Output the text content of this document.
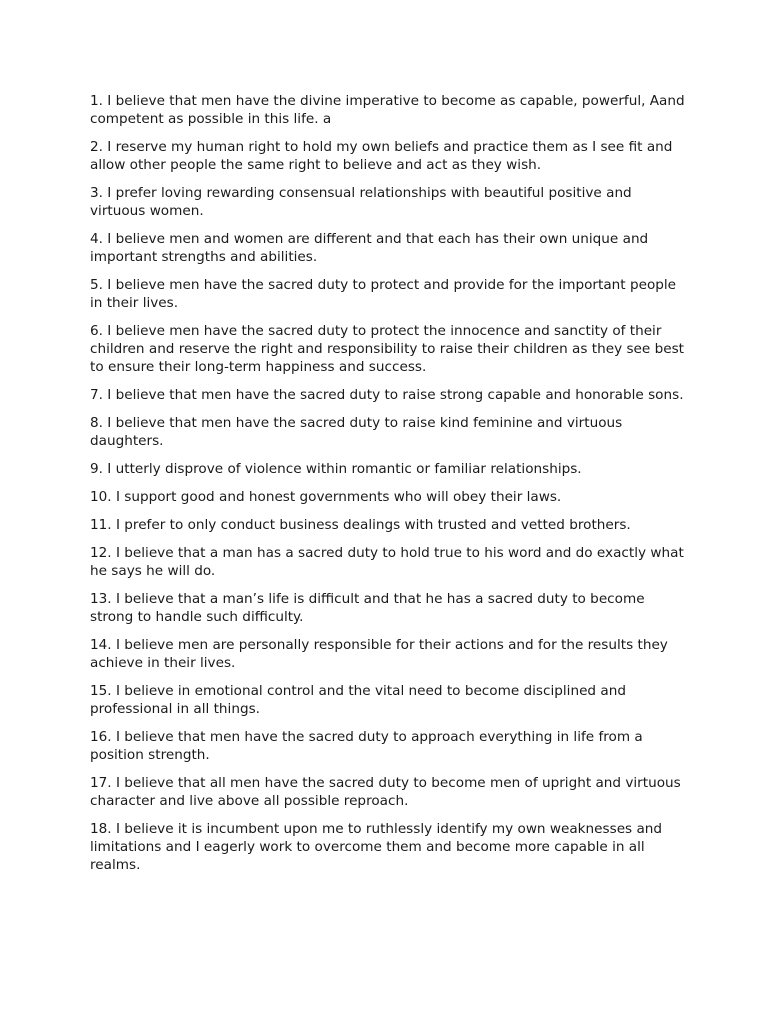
1. I believe that men have the divine imperative to become as capable, powerful, Aand competent as possible in this life. a
2. I reserve my human right to hold my own beliefs and practice them as I see fit and allow other people the same right to believe and act as they wish.
3. I prefer loving rewarding consensual relationships with beautiful positive and virtuous women.
4. I believe men and women are different and that each has their own unique and important strengths and abilities.
5. I believe men have the sacred duty to protect and provide for the important people in their lives.
6. I believe men have the sacred duty to protect the innocence and sanctity of their children and reserve the right and responsibility to raise their children as they see best to ensure their long-term happiness and success.
7. I believe that men have the sacred duty to raise strong capable and honorable sons.
8. I believe that men have the sacred duty to raise kind feminine and virtuous daughters.
9. I utterly disprove of violence within romantic or familiar relationships.
10. I support good and honest governments who will obey their laws.
11. I prefer to only conduct business dealings with trusted and vetted brothers.
12. I believe that a man has a sacred duty to hold true to his word and do exactly what he says he will do.
13. I believe that a man’s life is difficult and that he has a sacred duty to become strong to handle such difficulty.
14. I believe men are personally responsible for their actions and for the results they achieve in their lives.
15. I believe in emotional control and the vital need to become disciplined and professional in all things.
16. I believe that men have the sacred duty to approach everything in life from a position strength.
17. I believe that all men have the sacred duty to become men of upright and virtuous character and live above all possible reproach.
18. I believe it is incumbent upon me to ruthlessly identify my own weaknesses and limitations and I eagerly work to overcome them and become more capable in all realms.
